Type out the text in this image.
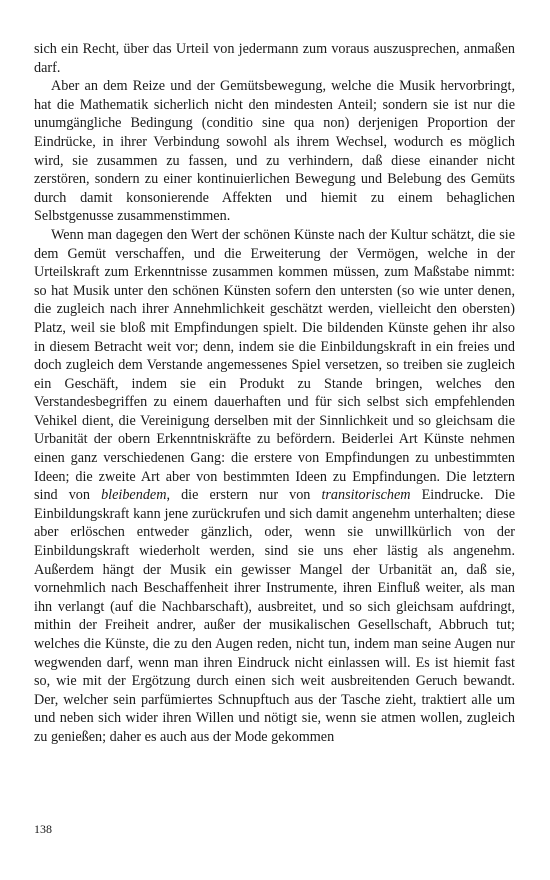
sich ein Recht, über das Urteil von jedermann zum voraus auszusprechen, anmaßen darf.

Aber an dem Reize und der Gemütsbewegung, welche die Musik hervorbringt, hat die Mathematik sicherlich nicht den mindesten Anteil; sondern sie ist nur die unumgängliche Bedingung (conditio sine qua non) derjenigen Proportion der Eindrücke, in ihrer Verbindung sowohl als ihrem Wechsel, wodurch es möglich wird, sie zusammen zu fassen, und zu verhindern, daß diese einander nicht zerstören, sondern zu einer kontinuierlichen Bewegung und Belebung des Gemüts durch damit konsonierende Affekten und hiemit zu einem behaglichen Selbstgenusse zusammenstimmen.

Wenn man dagegen den Wert der schönen Künste nach der Kultur schätzt, die sie dem Gemüt verschaffen, und die Erweiterung der Vermögen, welche in der Urteilskraft zum Erkenntnisse zusammen kommen müssen, zum Maßstabe nimmt: so hat Musik unter den schönen Künsten sofern den untersten (so wie unter denen, die zugleich nach ihrer Annehmlichkeit geschätzt werden, vielleicht den obersten) Platz, weil sie bloß mit Empfindungen spielt. Die bildenden Künste gehen ihr also in diesem Betracht weit vor; denn, indem sie die Einbildungskraft in ein freies und doch zugleich dem Verstande angemessenes Spiel versetzen, so treiben sie zugleich ein Geschäft, indem sie ein Produkt zu Stande bringen, welches den Verstandesbegriffen zu einem dauerhaften und für sich selbst sich empfehlenden Vehikel dient, die Vereinigung derselben mit der Sinnlichkeit und so gleichsam die Urbanität der obern Erkenntniskräfte zu befördern. Beiderlei Art Künste nehmen einen ganz verschiedenen Gang: die erstere von Empfindungen zu unbestimmten Ideen; die zweite Art aber von bestimmten Ideen zu Empfindungen. Die letztern sind von bleibendem, die erstern nur von transitorischem Eindrucke. Die Einbildungskraft kann jene zurückrufen und sich damit angenehm unterhalten; diese aber erlöschen entweder gänzlich, oder, wenn sie unwillkürlich von der Einbildungskraft wiederholt werden, sind sie uns eher lästig als angenehm. Außerdem hängt der Musik ein gewisser Mangel der Urbanität an, daß sie, vornehmlich nach Beschaffenheit ihrer Instrumente, ihren Einfluß weiter, als man ihn verlangt (auf die Nachbarschaft), ausbreitet, und so sich gleichsam aufdringt, mithin der Freiheit andrer, außer der musikalischen Gesellschaft, Abbruch tut; welches die Künste, die zu den Augen reden, nicht tun, indem man seine Augen nur wegwenden darf, wenn man ihren Eindruck nicht einlassen will. Es ist hiemit fast so, wie mit der Ergötzung durch einen sich weit ausbreitenden Geruch bewandt. Der, welcher sein parfümiertes Schnupftuch aus der Tasche zieht, traktiert alle um und neben sich wider ihren Willen und nötigt sie, wenn sie atmen wollen, zugleich zu genießen; daher es auch aus der Mode gekommen

138
